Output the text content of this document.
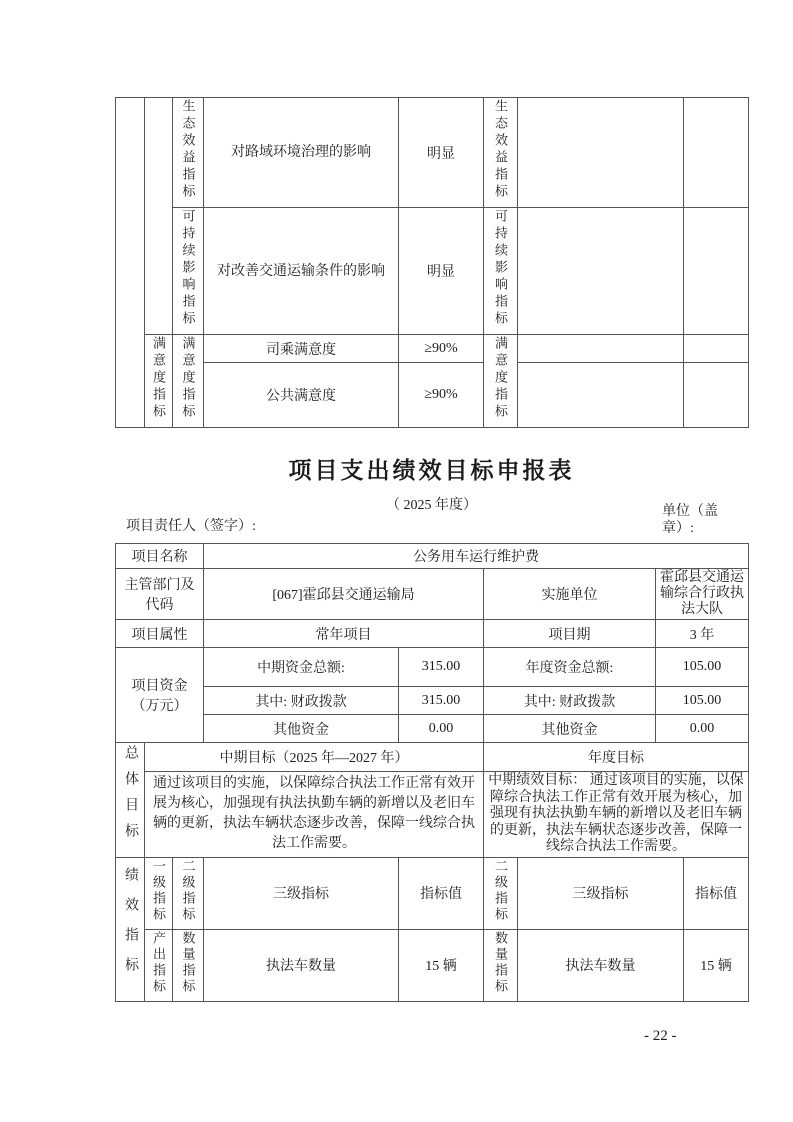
		生态效益指标	对路域环境治理的影响	明显	生态效益指标		
		可持续影响指标	对改善交通运输条件的影响	明显	可持续影响指标		
	满意度指标	满意度指标	司乘满意度	≥90%	满意度指标		
			公共满意度	≥90%			
项目支出绩效目标申报表
（ 2025 年度）
项目责任人（签字）:
单位（盖章）:
项目名称			公务用车运行维护费					
主管部门及代码			[067]霍邱县交通运输局		实施单位		霍邱县交通运输综合行政执法大队	
项目属性			常年项目		项目期		3 年	
项目资金（万元）			中期资金总额:	315.00	年度资金总额:		105.00	
			其中: 财政拨款	315.00	其中: 财政拨款		105.00	
			其他资金	0.00	其他资金		0.00	
总体目标	中期目标（2025 年—2027 年）				年度目标			
	通过该项目的实施，以保障综合执法工作正常有效开展为核心，加强现有执法执勤车辆的新增以及老旧车辆的更新，执法车辆状态逐步改善，保障一线综合执法工作需要。				中期绩效目标： 通过该项目的实施，以保障综合执法工作正常有效开展为核心，加强现有执法执勤车辆的新增以及老旧车辆的更新，执法车辆状态逐步改善，保障一线综合执法工作需要。			
绩效指标	一级指标	二级指标	三级指标	指标值	二级指标	三级指标		指标值
	产出指标	数量指标	执法车数量	15 辆	数量指标	执法车数量		15 辆
- 22 -
